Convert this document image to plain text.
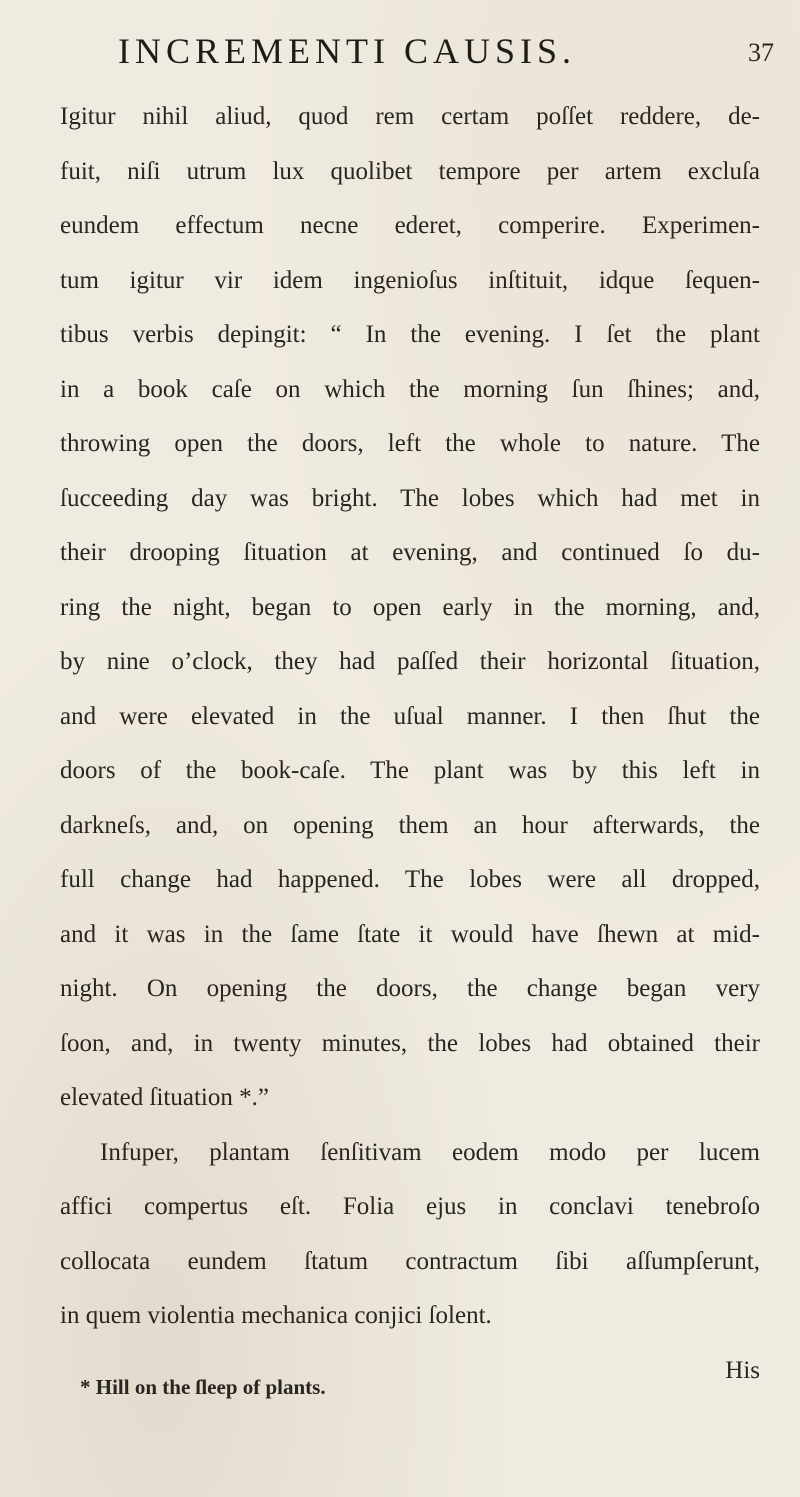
INCREMENTI CAUSIS.	37
Igitur nihil aliud, quod rem certam poſſet reddere, de-
fuit, niſi utrum lux quolibet tempore per artem excluſa
eundem effectum necne ederet, comperire. Experimen-
tum igitur vir idem ingenioſus inſtituit, idque ſequen-
tibus verbis depingit: “ In the evening. I ſet the plant
in a book caſe on which the morning ſun ſhines; and,
throwing open the doors, left the whole to nature. The
ſucceeding day was bright. The lobes which had met in
their drooping ſituation at evening, and continued ſo du-
ring the night, began to open early in the morning, and,
by nine o’clock, they had paſſed their horizontal ſituation,
and were elevated in the uſual manner. I then ſhut the
doors of the book-caſe. The plant was by this left in
darkneſs, and, on opening them an hour afterwards, the
full change had happened. The lobes were all dropped,
and it was in the ſame ſtate it would have ſhewn at mid-
night. On opening the doors, the change began very
ſoon, and, in twenty minutes, the lobes had obtained their
elevated ſituation *.”
Infuper, plantam ſenſitivam eodem modo per lucem
affici compertus eſt. Folia ejus in conclavi tenebroſo
collocata eundem ſtatum contractum ſibi aſſumpſerunt,
in quem violentia mechanica conjici ſolent.
His
* Hill on the ſleep of plants.
